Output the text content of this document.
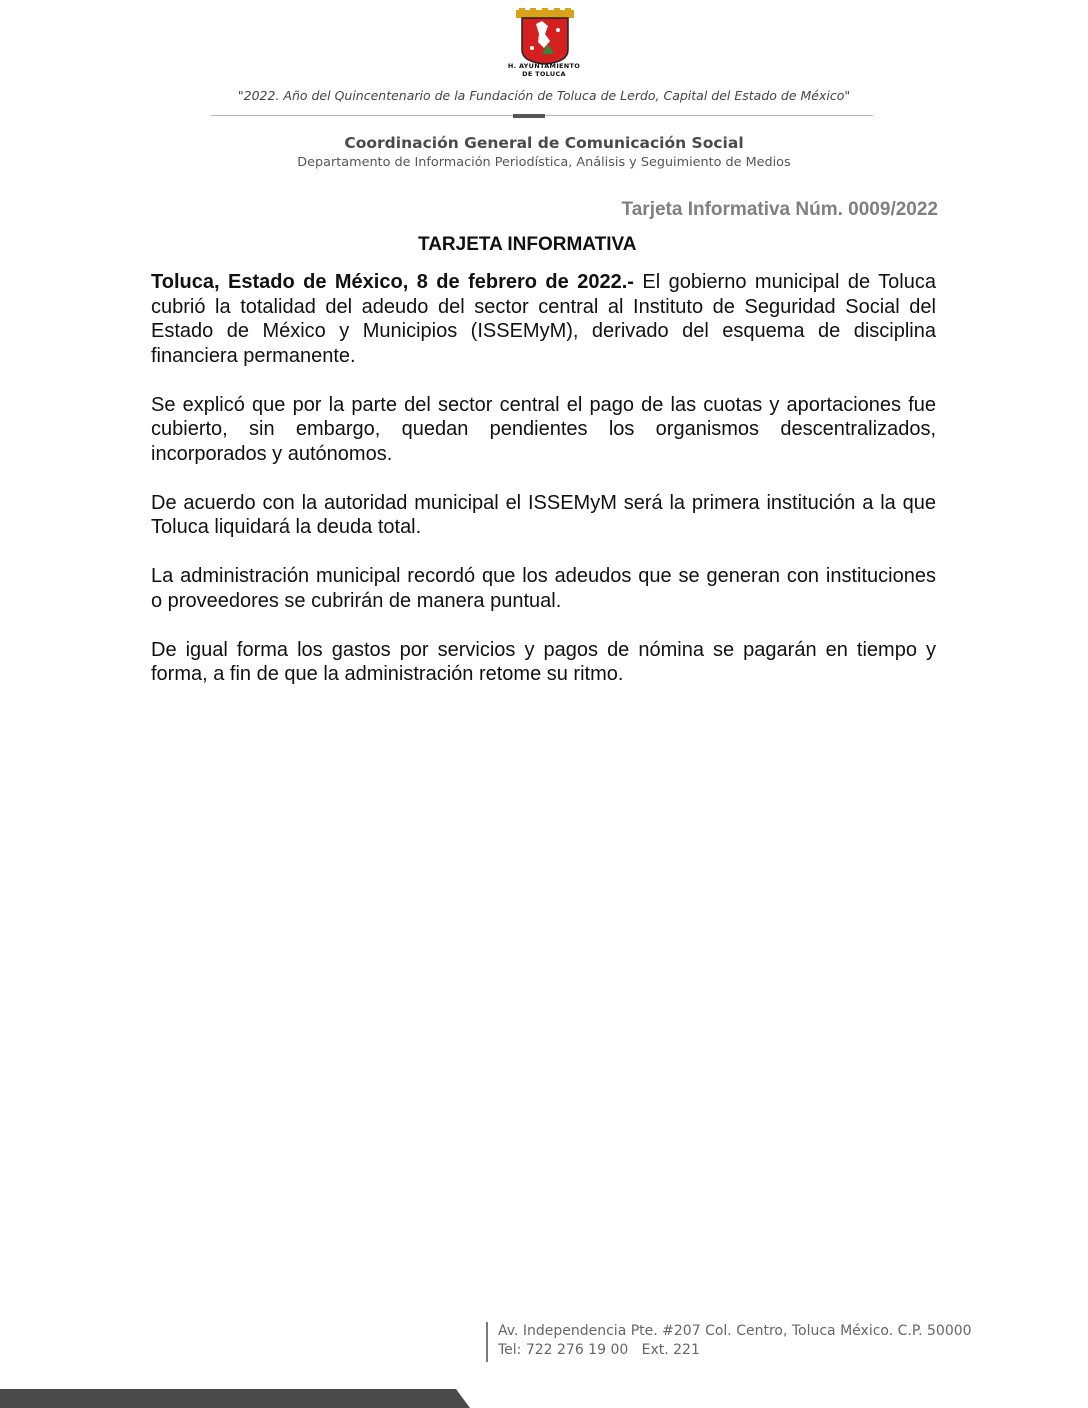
H. AYUNTAMIENTO
DE TOLUCA
"2022. Año del Quincentenario de la Fundación de Toluca de Lerdo, Capital del Estado de México"
Coordinación General de Comunicación Social
Departamento de Información Periodística, Análisis y Seguimiento de Medios
Tarjeta Informativa Núm. 0009/2022
TARJETA INFORMATIVA

Toluca, Estado de México, 8 de febrero de 2022.- El gobierno municipal de Toluca cubrió la totalidad del adeudo del sector central al Instituto de Seguridad Social del Estado de México y Municipios (ISSEMyM), derivado del esquema de disciplina financiera permanente.

Se explicó que por la parte del sector central el pago de las cuotas y aportaciones fue cubierto, sin embargo, quedan pendientes los organismos descentralizados, incorporados y autónomos.

De acuerdo con la autoridad municipal el ISSEMyM será la primera institución a la que Toluca liquidará la deuda total.

La administración municipal recordó que los adeudos que se generan con instituciones o proveedores se cubrirán de manera puntual.

De igual forma los gastos por servicios y pagos de nómina se pagarán en tiempo y forma, a fin de que la administración retome su ritmo.

Av. Independencia Pte. #207 Col. Centro, Toluca México. C.P. 50000
Tel: 722 276 19 00 Ext. 221
